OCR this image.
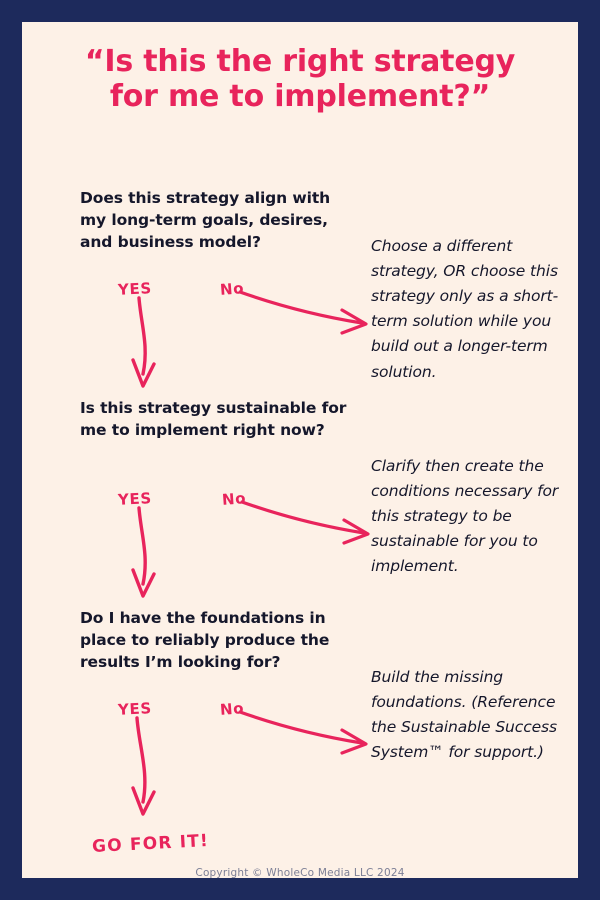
“Is this the right strategy
for me to implement?”
Does this strategy align with my long-term goals, desires, and business model?
YES	No
Choose a different strategy, OR choose this strategy only as a short-term solution while you build out a longer-term solution.
Is this strategy sustainable for me to implement right now?
YES	No
Clarify then create the conditions necessary for this strategy to be sustainable for you to implement.
Do I have the foundations in place to reliably produce the results I’m looking for?
YES	No
Build the missing foundations. (Reference the Sustainable Success System™ for support.)
GO FOR IT!
Copyright © WholeCo Media LLC 2024
